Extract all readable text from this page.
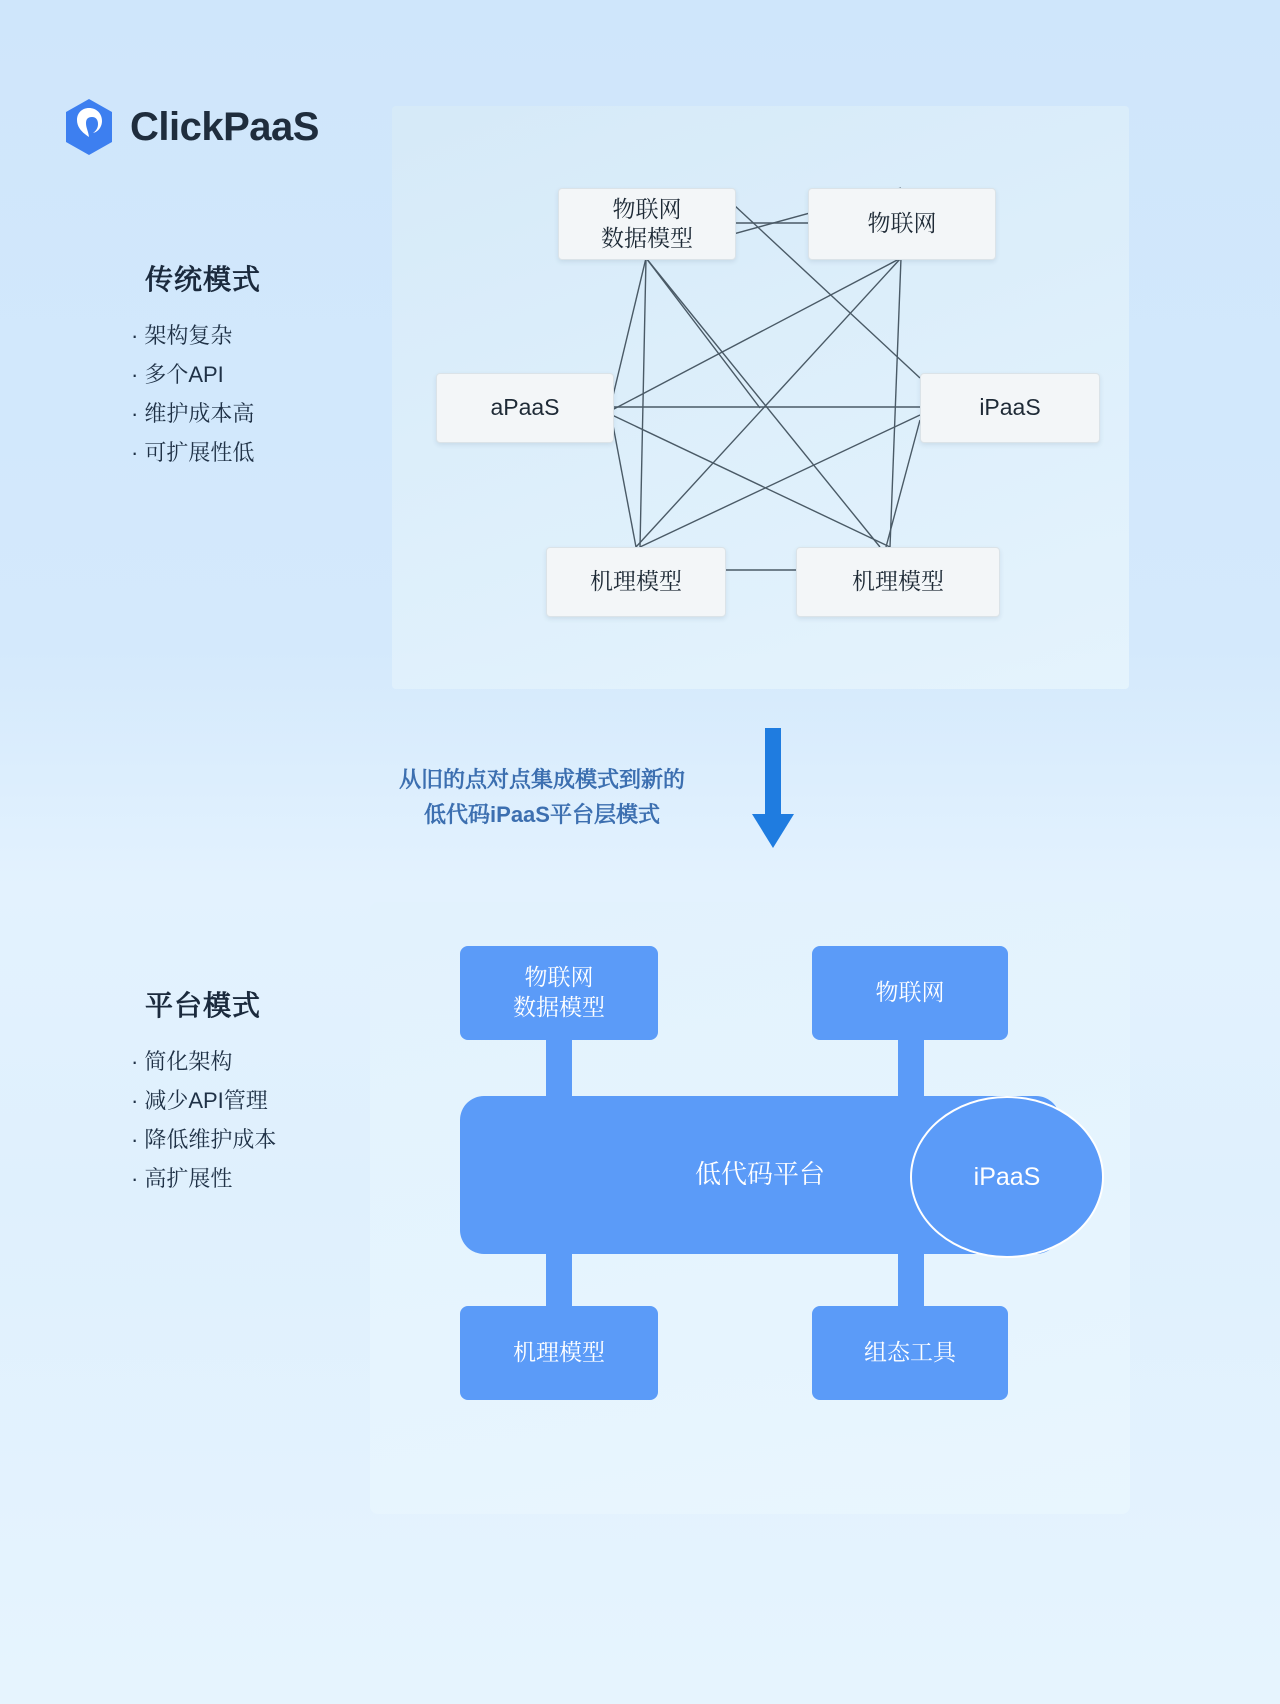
ClickPaaS
传统模式
· 架构复杂
· 多个API
· 维护成本高
· 可扩展性低
物联网
数据模型
物联网
aPaaS	iPaaS
机理模型	机理模型
从旧的点对点集成模式到新的
低代码iPaaS平台层模式
平台模式
· 简化架构
· 减少API管理
· 降低维护成本
· 高扩展性
物联网
数据模型
物联网
低代码平台	iPaaS
机理模型	组态工具
